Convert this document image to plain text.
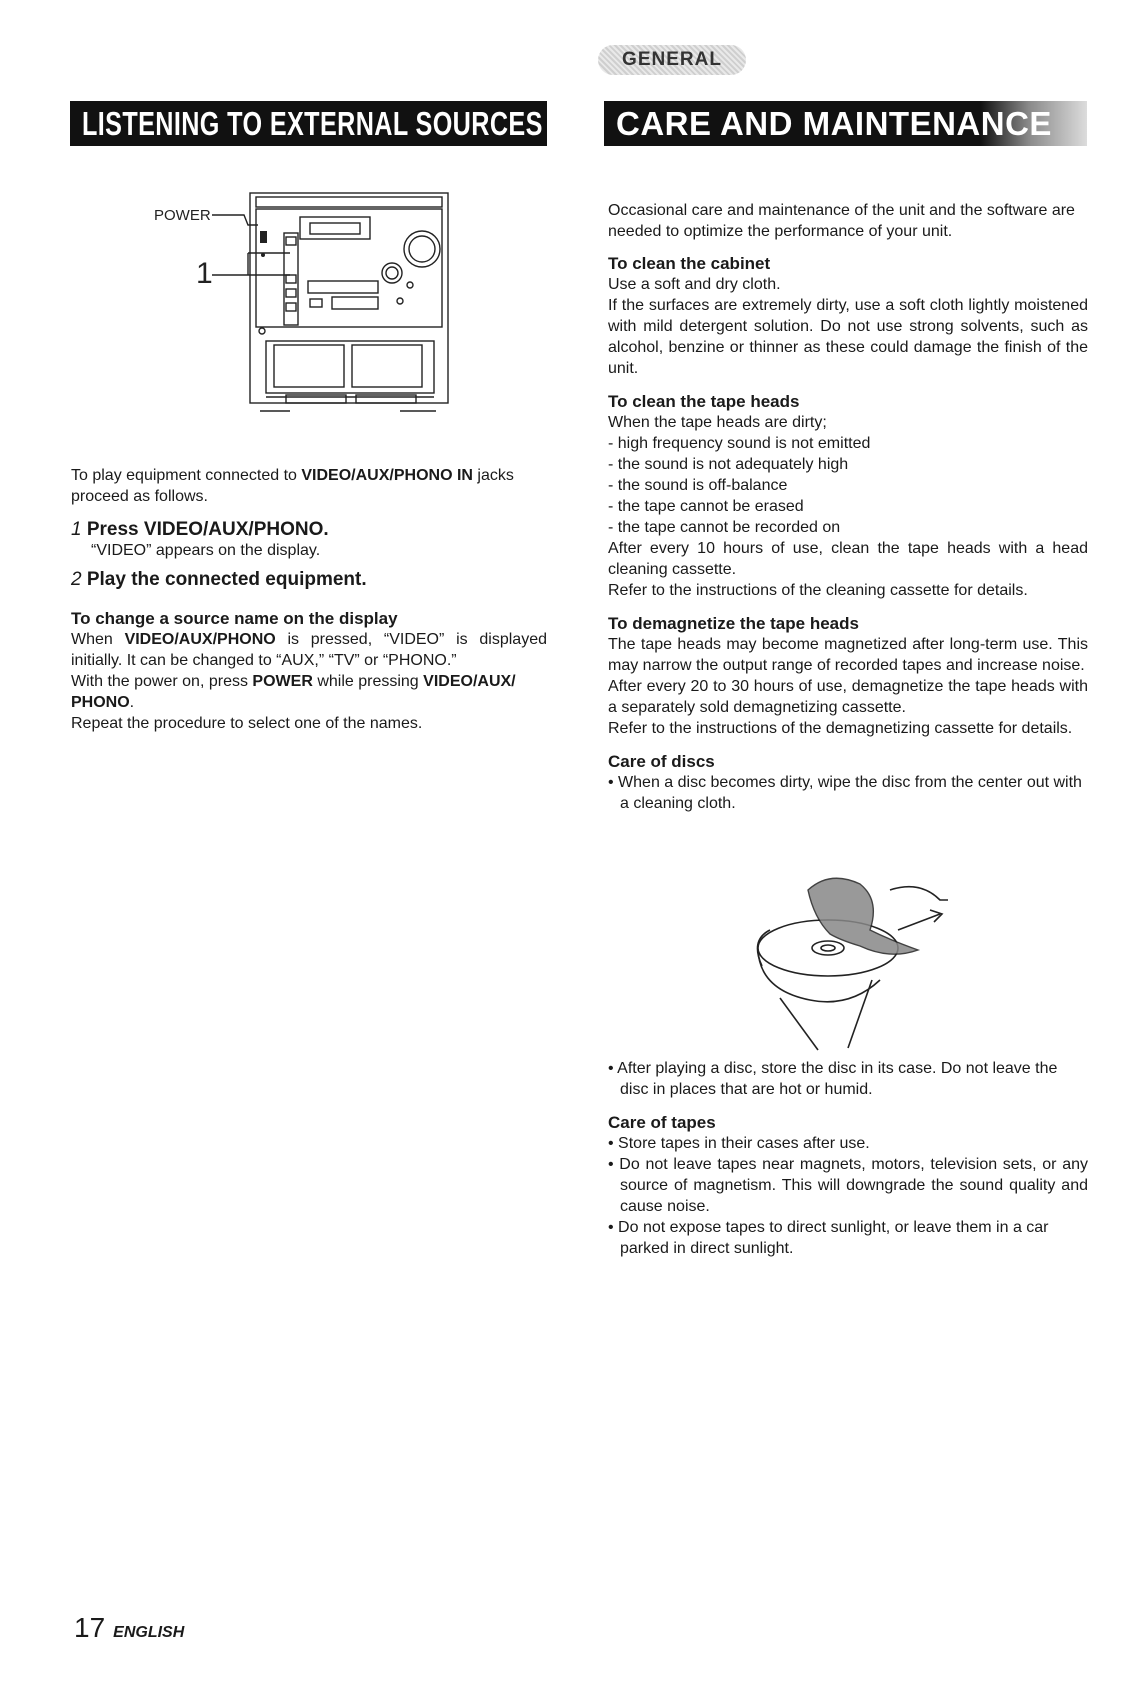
GENERAL
LISTENING TO EXTERNAL SOURCES	CARE AND MAINTENANCE
POWER
1

To play equipment connected to VIDEO/AUX/PHONO IN jacks proceed as follows.

1 Press VIDEO/AUX/PHONO.

“VIDEO” appears on the display.

2 Play the connected equipment.

To change a source name on the display

When VIDEO/AUX/PHONO is pressed, “VIDEO” is displayed initially. It can be changed to “AUX,” “TV” or “PHONO.”

With the power on, press POWER while pressing VIDEO/AUX/ PHONO.

Repeat the procedure to select one of the names.

Occasional care and maintenance of the unit and the software are needed to optimize the performance of your unit.

To clean the cabinet

Use a soft and dry cloth.

If the surfaces are extremely dirty, use a soft cloth lightly moistened with mild detergent solution. Do not use strong solvents, such as alcohol, benzine or thinner as these could damage the finish of the unit.

To clean the tape heads

When the tape heads are dirty;

- high frequency sound is not emitted

- the sound is not adequately high

- the sound is off-balance

- the tape cannot be erased

- the tape cannot be recorded on

After every 10 hours of use, clean the tape heads with a head cleaning cassette.

Refer to the instructions of the cleaning cassette for details.

To demagnetize the tape heads

The tape heads may become magnetized after long-term use. This may narrow the output range of recorded tapes and increase noise.

After every 20 to 30 hours of use, demagnetize the tape heads with a separately sold demagnetizing cassette.

Refer to the instructions of the demagnetizing cassette for details.

Care of discs

• When a disc becomes dirty, wipe the disc from the center out with a cleaning cloth.
• After playing a disc, store the disc in its case. Do not leave the disc in places that are hot or humid.

Care of tapes

• Store tapes in their cases after use.
• Do not leave tapes near magnets, motors, television sets, or any source of magnetism. This will downgrade the sound quality and cause noise.
• Do not expose tapes to direct sunlight, or leave them in a car parked in direct sunlight.
17 ENGLISH
